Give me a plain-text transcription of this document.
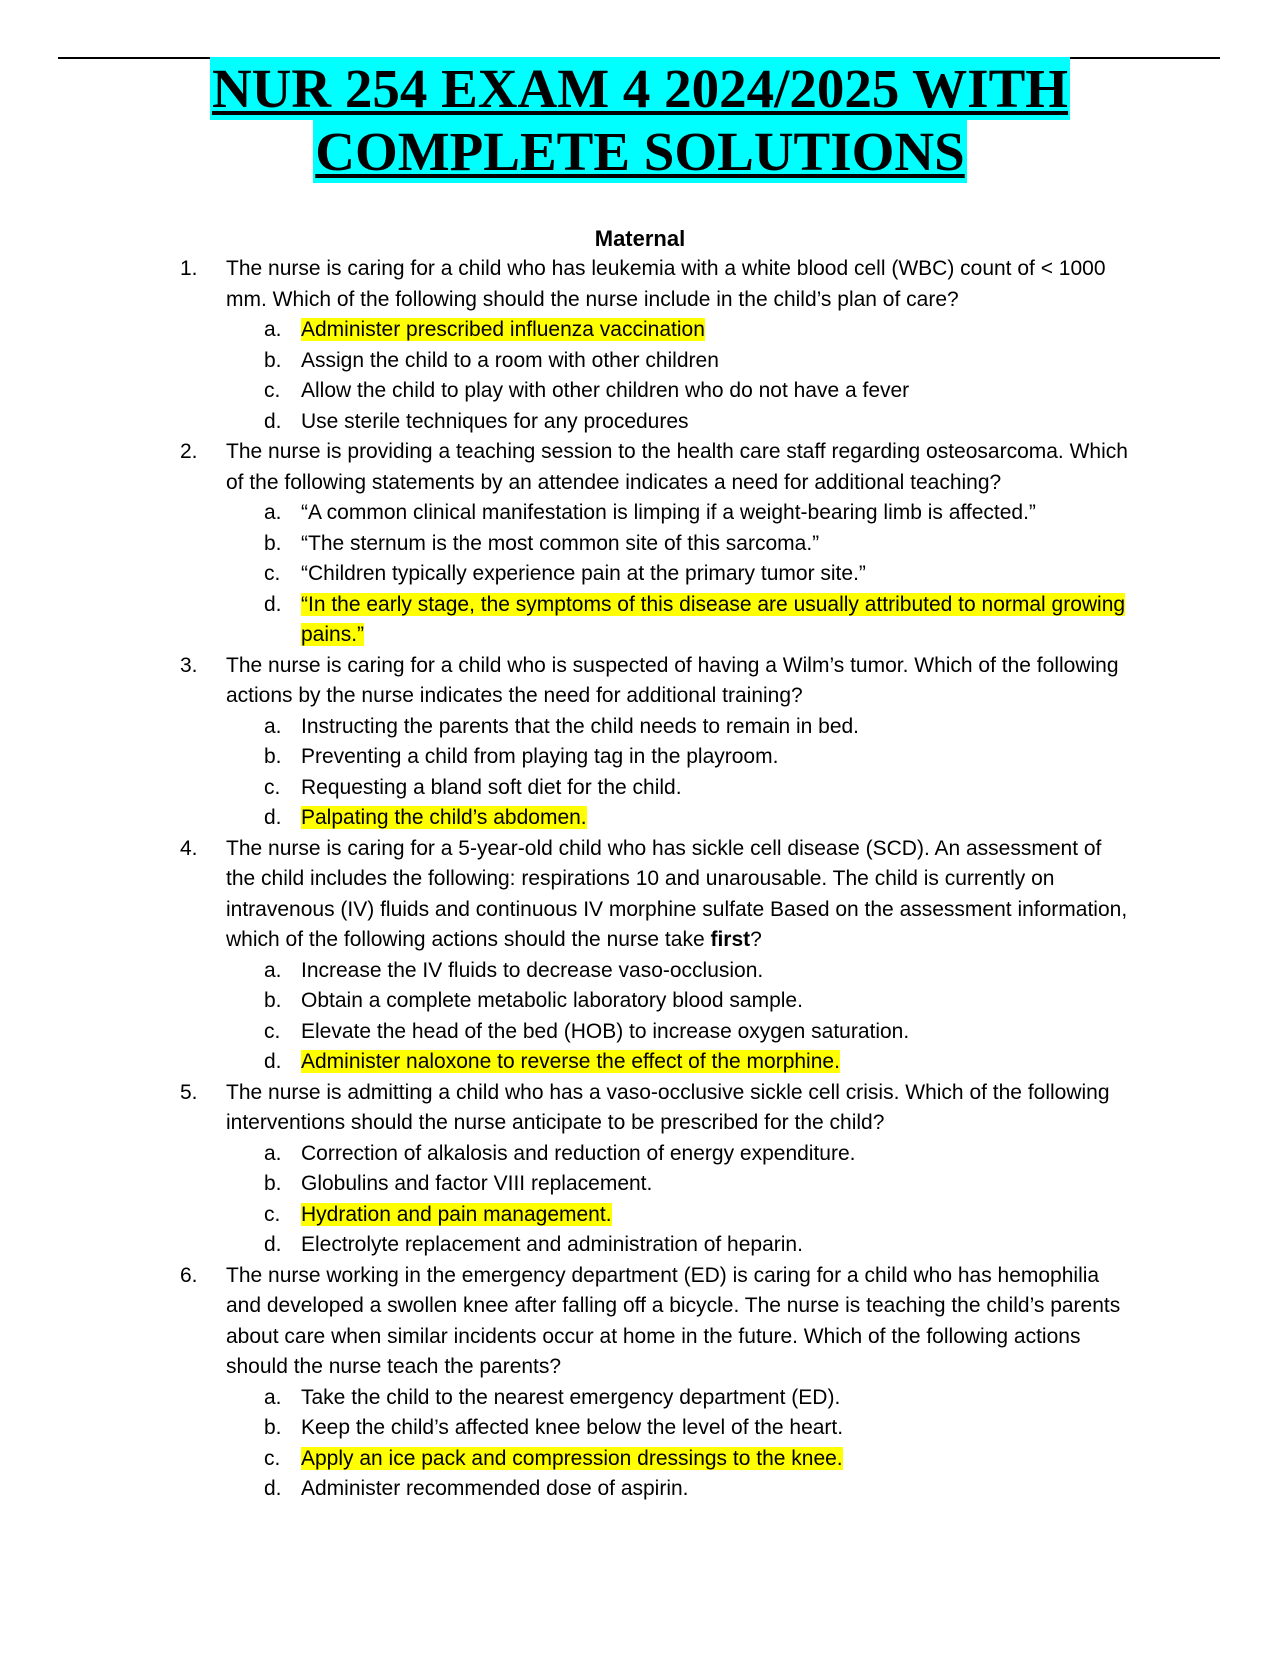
NUR 254 EXAM 4 2024/2025 WITH
COMPLETE SOLUTIONS
Maternal
1. The nurse is caring for a child who has leukemia with a white blood cell (WBC) count of < 1000 mm. Which of the following should the nurse include in the child’s plan of care?
a. Administer prescribed influenza vaccination
b. Assign the child to a room with other children
c. Allow the child to play with other children who do not have a fever
d. Use sterile techniques for any procedures
2. The nurse is providing a teaching session to the health care staff regarding osteosarcoma. Which of the following statements by an attendee indicates a need for additional teaching?
a. “A common clinical manifestation is limping if a weight-bearing limb is affected.”
b. “The sternum is the most common site of this sarcoma.”
c. “Children typically experience pain at the primary tumor site.”
d. “In the early stage, the symptoms of this disease are usually attributed to normal growing pains.”
3. The nurse is caring for a child who is suspected of having a Wilm’s tumor. Which of the following actions by the nurse indicates the need for additional training?
a. Instructing the parents that the child needs to remain in bed.
b. Preventing a child from playing tag in the playroom.
c. Requesting a bland soft diet for the child.
d. Palpating the child’s abdomen.
4. The nurse is caring for a 5-year-old child who has sickle cell disease (SCD). An assessment of the child includes the following: respirations 10 and unarousable. The child is currently on intravenous (IV) fluids and continuous IV morphine sulfate Based on the assessment information, which of the following actions should the nurse take first?
a. Increase the IV fluids to decrease vaso-occlusion.
b. Obtain a complete metabolic laboratory blood sample.
c. Elevate the head of the bed (HOB) to increase oxygen saturation.
d. Administer naloxone to reverse the effect of the morphine.
5. The nurse is admitting a child who has a vaso-occlusive sickle cell crisis. Which of the following interventions should the nurse anticipate to be prescribed for the child?
a. Correction of alkalosis and reduction of energy expenditure.
b. Globulins and factor VIII replacement.
c. Hydration and pain management.
d. Electrolyte replacement and administration of heparin.
6. The nurse working in the emergency department (ED) is caring for a child who has hemophilia and developed a swollen knee after falling off a bicycle. The nurse is teaching the child’s parents about care when similar incidents occur at home in the future. Which of the following actions should the nurse teach the parents?
a. Take the child to the nearest emergency department (ED).
b. Keep the child’s affected knee below the level of the heart.
c. Apply an ice pack and compression dressings to the knee.
d. Administer recommended dose of aspirin.
